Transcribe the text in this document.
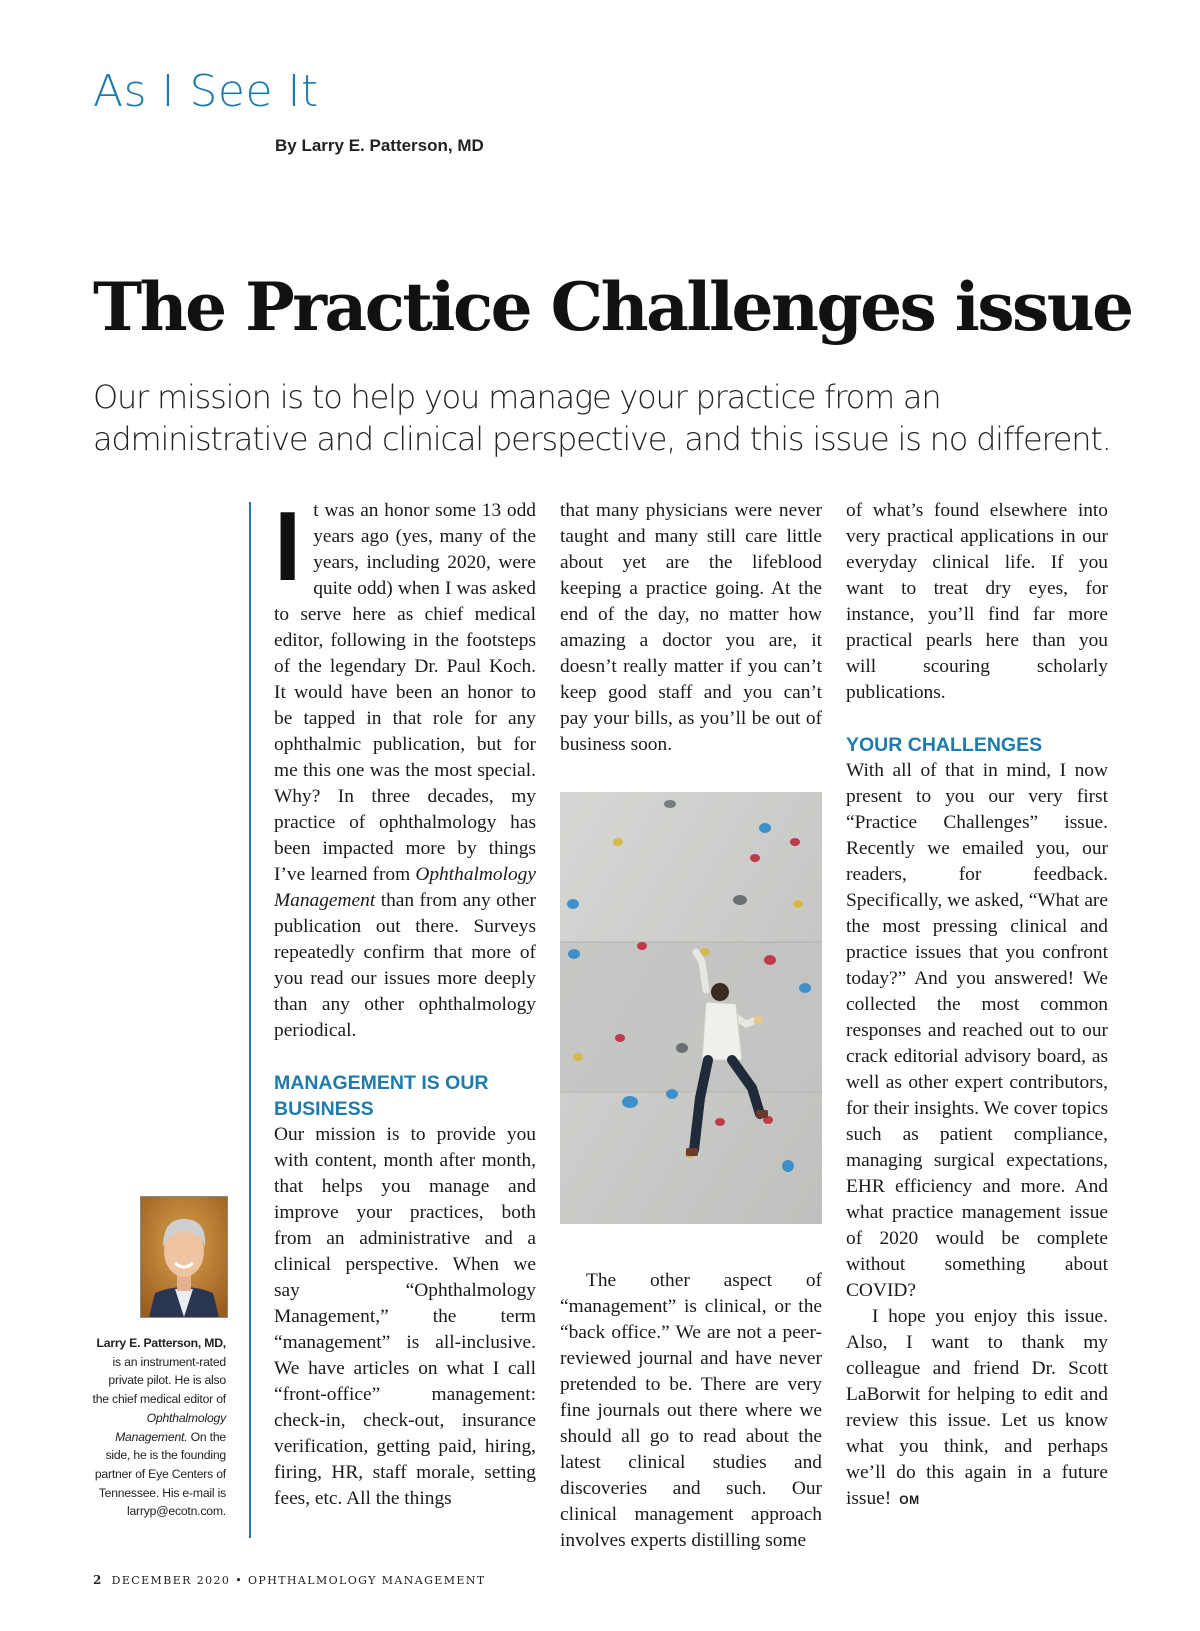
As I See It
By Larry E. Patterson, MD
The Practice Challenges issue

Our mission is to help you manage your practice from an administrative and clinical perspective, and this issue is no different.

It was an honor some 13 odd years ago (yes, many of the years, including 2020, were quite odd) when I was asked to serve here as chief medical editor, following in the footsteps of the legendary Dr. Paul Koch. It would have been an honor to be tapped in that role for any ophthalmic publication, but for me this one was the most special. Why? In three decades, my practice of ophthalmology has been impacted more by things I’ve learned from Ophthalmology Management than from any other publication out there. Surveys repeatedly confirm that more of you read our issues more deeply than any other ophthalmology periodical.

MANAGEMENT IS OUR BUSINESS

Our mission is to provide you with content, month after month, that helps you manage and improve your practices, both from an administrative and a clinical perspective. When we say “Ophthalmology Management,” the term “management” is all-inclusive. We have articles on what I call “front-office” management: check-in, check-out, insurance verification, getting paid, hiring, firing, HR, staff morale, setting fees, etc. All the things

that many physicians were never taught and many still care little about yet are the lifeblood keeping a practice going. At the end of the day, no matter how amazing a doctor you are, it doesn’t really matter if you can’t keep good staff and you can’t pay your bills, as you’ll be out of business soon.

The other aspect of “management” is clinical, or the “back office.” We are not a peer-reviewed journal and have never pretended to be. There are very fine journals out there where we should all go to read about the latest clinical studies and discoveries and such. Our clinical management approach involves experts distilling some

of what’s found elsewhere into very practical applications in our everyday clinical life. If you want to treat dry eyes, for instance, you’ll find far more practical pearls here than you will scouring scholarly publications.

YOUR CHALLENGES

With all of that in mind, I now present to you our very first “Practice Challenges” issue. Recently we emailed you, our readers, for feedback. Specifically, we asked, “What are the most pressing clinical and practice issues that you confront today?” And you answered! We collected the most common responses and reached out to our crack editorial advisory board, as well as other expert contributors, for their insights. We cover topics such as patient compliance, managing surgical expectations, EHR efficiency and more. And what practice management issue of 2020 would be complete without something about COVID?

I hope you enjoy this issue. Also, I want to thank my colleague and friend Dr. Scott LaBorwit for helping to edit and review this issue. Let us know what you think, and perhaps we’ll do this again in a future issue! OM

Larry E. Patterson, MD, is an instrument-rated private pilot. He is also the chief medical editor of Ophthalmology Management. On the side, he is the founding partner of Eye Centers of Tennessee. His e-mail is larryp@ecotn.com.

2 DECEMBER 2020 • OPHTHALMOLOGY MANAGEMENT
